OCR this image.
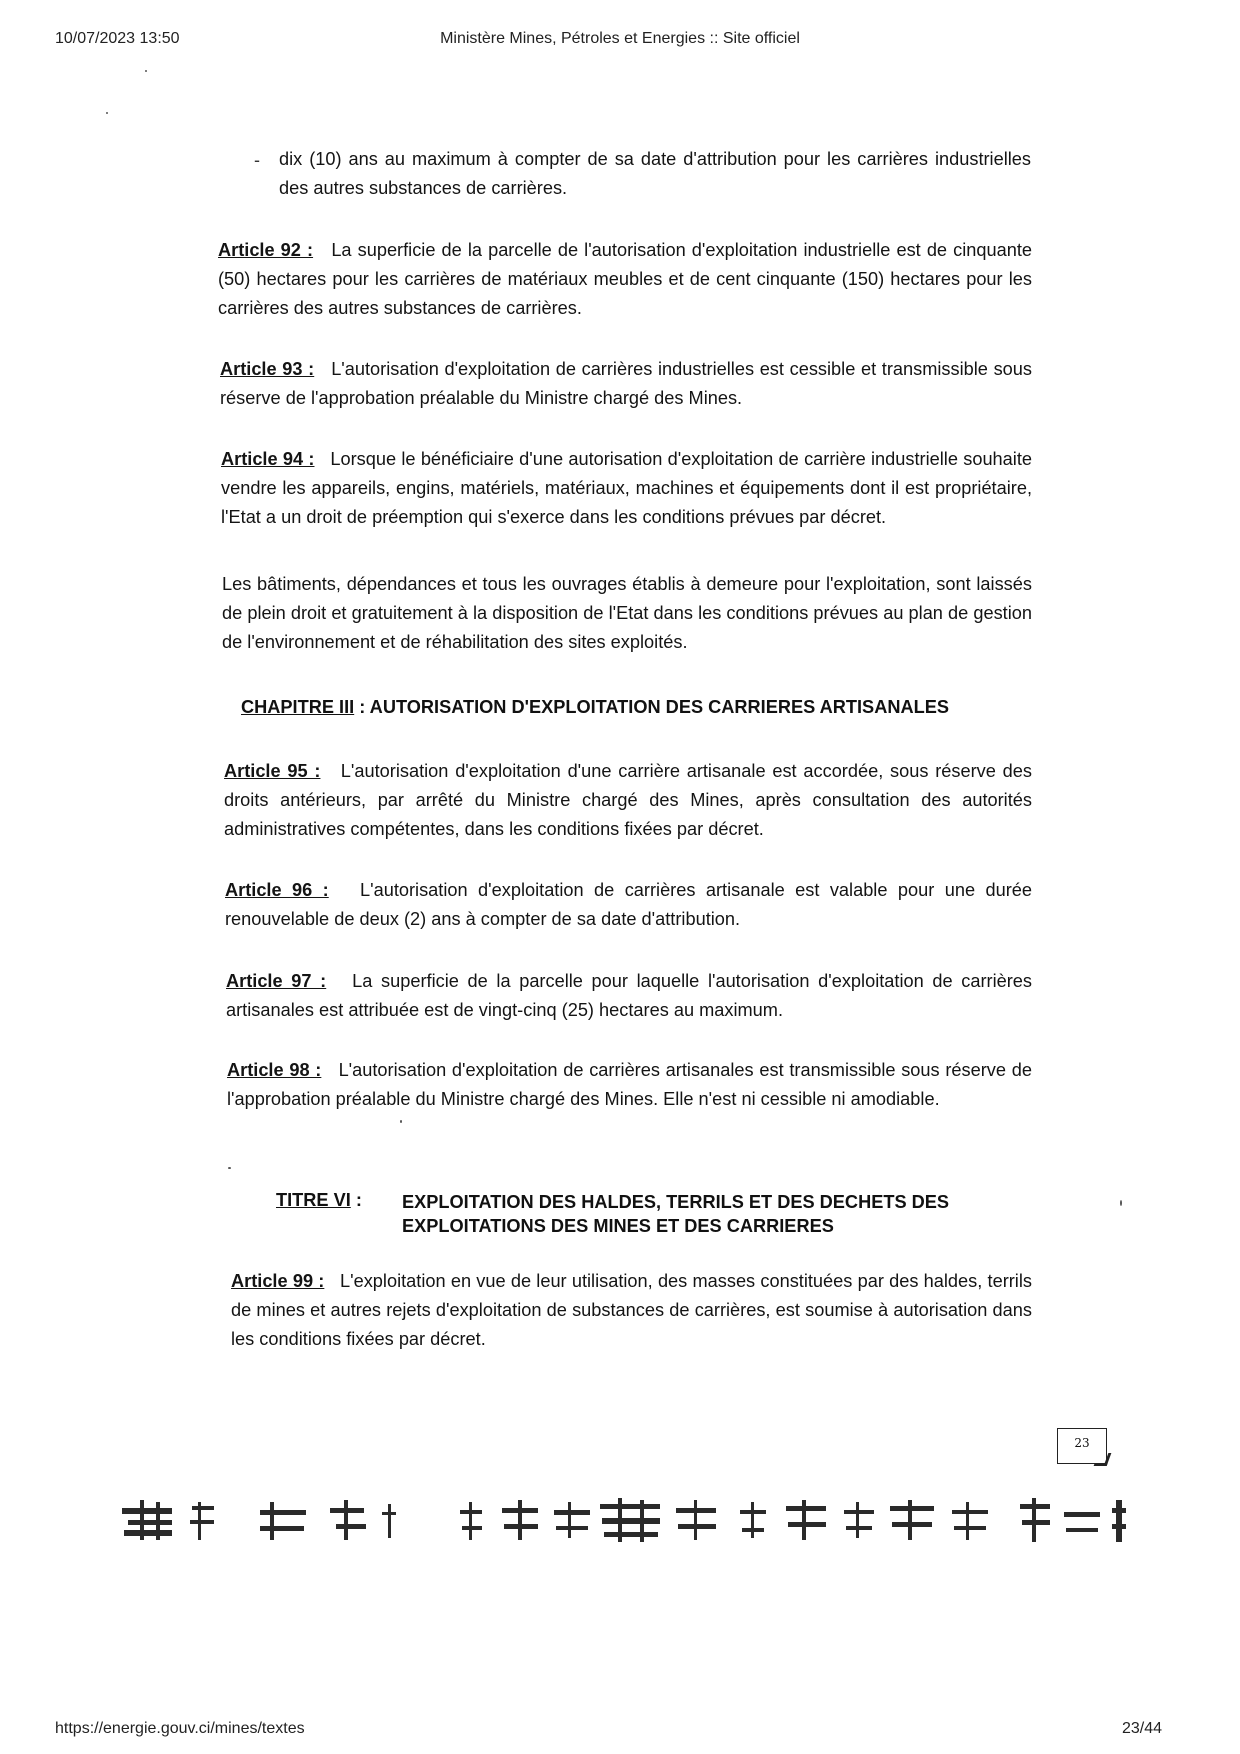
10/07/2023 13:50	Ministère Mines, Pétroles et Energies :: Site officiel
- dix (10) ans au maximum à compter de sa date d'attribution pour les carrières industrielles des autres substances de carrières.
Article 92 : La superficie de la parcelle de l'autorisation d'exploitation industrielle est de cinquante (50) hectares pour les carrières de matériaux meubles et de cent cinquante (150) hectares pour les carrières des autres substances de carrières.
Article 93 : L'autorisation d'exploitation de carrières industrielles est cessible et transmissible sous réserve de l'approbation préalable du Ministre chargé des Mines.
Article 94 : Lorsque le bénéficiaire d'une autorisation d'exploitation de carrière industrielle souhaite vendre les appareils, engins, matériels, matériaux, machines et équipements dont il est propriétaire, l'Etat a un droit de préemption qui s'exerce dans les conditions prévues par décret.
Les bâtiments, dépendances et tous les ouvrages établis à demeure pour l'exploitation, sont laissés de plein droit et gratuitement à la disposition de l'Etat dans les conditions prévues au plan de gestion de l'environnement et de réhabilitation des sites exploités.
CHAPITRE III : AUTORISATION D'EXPLOITATION DES CARRIERES ARTISANALES
Article 95 : L'autorisation d'exploitation d'une carrière artisanale est accordée, sous réserve des droits antérieurs, par arrêté du Ministre chargé des Mines, après consultation des autorités administratives compétentes, dans les conditions fixées par décret.
Article 96 : L'autorisation d'exploitation de carrières artisanale est valable pour une durée renouvelable de deux (2) ans à compter de sa date d'attribution.
Article 97 : La superficie de la parcelle pour laquelle l'autorisation d'exploitation de carrières artisanales est attribuée est de vingt-cinq (25) hectares au maximum.
Article 98 : L'autorisation d'exploitation de carrières artisanales est transmissible sous réserve de l'approbation préalable du Ministre chargé des Mines. Elle n'est ni cessible ni amodiable.
TITRE VI : EXPLOITATION DES HALDES, TERRILS ET DES DECHETS DES EXPLOITATIONS DES MINES ET DES CARRIERES
Article 99 : L'exploitation en vue de leur utilisation, des masses constituées par des haldes, terrils de mines et autres rejets d'exploitation de substances de carrières, est soumise à autorisation dans les conditions fixées par décret.
23
https://energie.gouv.ci/mines/textes	23/44
